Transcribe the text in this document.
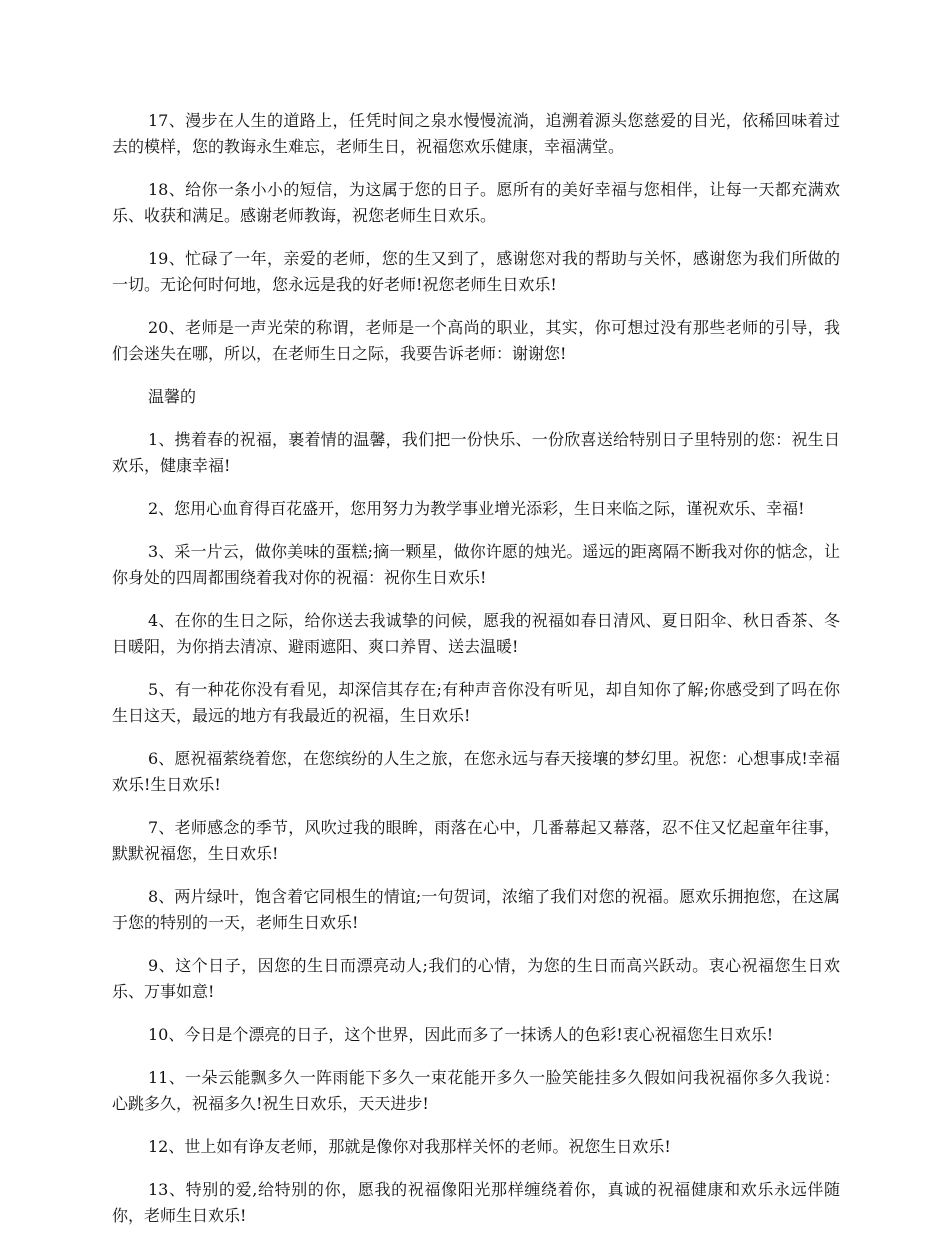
17、漫步在人生的道路上，任凭时间之泉水慢慢流淌，追溯着源头您慈爱的目光，依稀回味着过去的模样，您的教诲永生难忘，老师生日，祝福您欢乐健康，幸福满堂。

18、给你一条小小的短信，为这属于您的日子。愿所有的美好幸福与您相伴，让每一天都充满欢乐、收获和满足。感谢老师教诲，祝您老师生日欢乐。

19、忙碌了一年，亲爱的老师，您的生又到了，感谢您对我的帮助与关怀，感谢您为我们所做的一切。无论何时何地，您永远是我的好老师!祝您老师生日欢乐!

20、老师是一声光荣的称谓，老师是一个高尚的职业，其实，你可想过没有那些老师的引导，我们会迷失在哪，所以，在老师生日之际，我要告诉老师：谢谢您!

温馨的

1、携着春的祝福，裹着情的温馨，我们把一份快乐、一份欣喜送给特别日子里特别的您：祝生日欢乐，健康幸福!

2、您用心血育得百花盛开，您用努力为教学事业增光添彩，生日来临之际，谨祝欢乐、幸福!

3、采一片云，做你美味的蛋糕;摘一颗星，做你许愿的烛光。遥远的距离隔不断我对你的惦念，让你身处的四周都围绕着我对你的祝福：祝你生日欢乐!

4、在你的生日之际，给你送去我诚挚的问候，愿我的祝福如春日清风、夏日阳伞、秋日香茶、冬日暖阳，为你捎去清凉、避雨遮阳、爽口养胃、送去温暖!

5、有一种花你没有看见，却深信其存在;有种声音你没有听见，却自知你了解;你感受到了吗在你生日这天，最远的地方有我最近的祝福，生日欢乐!

6、愿祝福萦绕着您，在您缤纷的人生之旅，在您永远与春天接壤的梦幻里。祝您：心想事成!幸福欢乐!生日欢乐!

7、老师感念的季节，风吹过我的眼眸，雨落在心中，几番幕起又幕落，忍不住又忆起童年往事，默默祝福您，生日欢乐!

8、两片绿叶，饱含着它同根生的情谊;一句贺词，浓缩了我们对您的祝福。愿欢乐拥抱您，在这属于您的特别的一天，老师生日欢乐!

9、这个日子，因您的生日而漂亮动人;我们的心情，为您的生日而高兴跃动。衷心祝福您生日欢乐、万事如意!

10、今日是个漂亮的日子，这个世界，因此而多了一抹诱人的色彩!衷心祝福您生日欢乐!

11、一朵云能飘多久一阵雨能下多久一束花能开多久一脸笑能挂多久假如问我祝福你多久我说：心跳多久，祝福多久!祝生日欢乐，天天进步!

12、世上如有诤友老师，那就是像你对我那样关怀的老师。祝您生日欢乐!

13、特别的爱,给特别的你，愿我的祝福像阳光那样缠绕着你，真诚的祝福健康和欢乐永远伴随你，老师生日欢乐!
